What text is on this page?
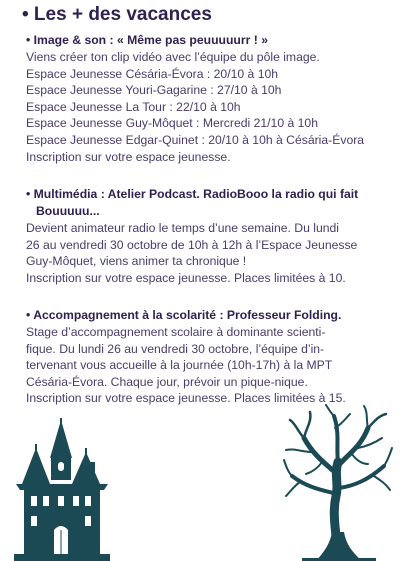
• Les + des vacances

• Image & son : « Même pas peuuuuurr ! »

Viens créer ton clip vidéo avec l’équipe du pôle image.

Espace Jeunesse Césária-Évora : 20/10 à 10h

Espace Jeunesse Youri-Gagarine : 27/10 à 10h

Espace Jeunesse La Tour : 22/10 à 10h

Espace Jeunesse Guy-Môquet : Mercredi 21/10 à 10h

Espace Jeunesse Edgar-Quinet : 20/10 à 10h à Césária-Évora

Inscription sur votre espace jeunesse.

• Multimédia : Atelier Podcast. RadioBooo la radio qui fait
Bouuuuu...

Devient animateur radio le temps d’une semaine. Du lundi

26 au vendredi 30 octobre de 10h à 12h à l’Espace Jeunesse

Guy-Môquet, viens animer ta chronique !

Inscription sur votre espace jeunesse. Places limitées à 10.

• Accompagnement à la scolarité : Professeur Folding.

Stage d’accompagnement scolaire à dominante scienti-

fique. Du lundi 26 au vendredi 30 octobre, l’équipe d’in-

tervenant vous accueille à la journée (10h-17h) à la MPT

Césária-Évora. Chaque jour, prévoir un pique-nique.

Inscription sur votre espace jeunesse. Places limitées à 15.
